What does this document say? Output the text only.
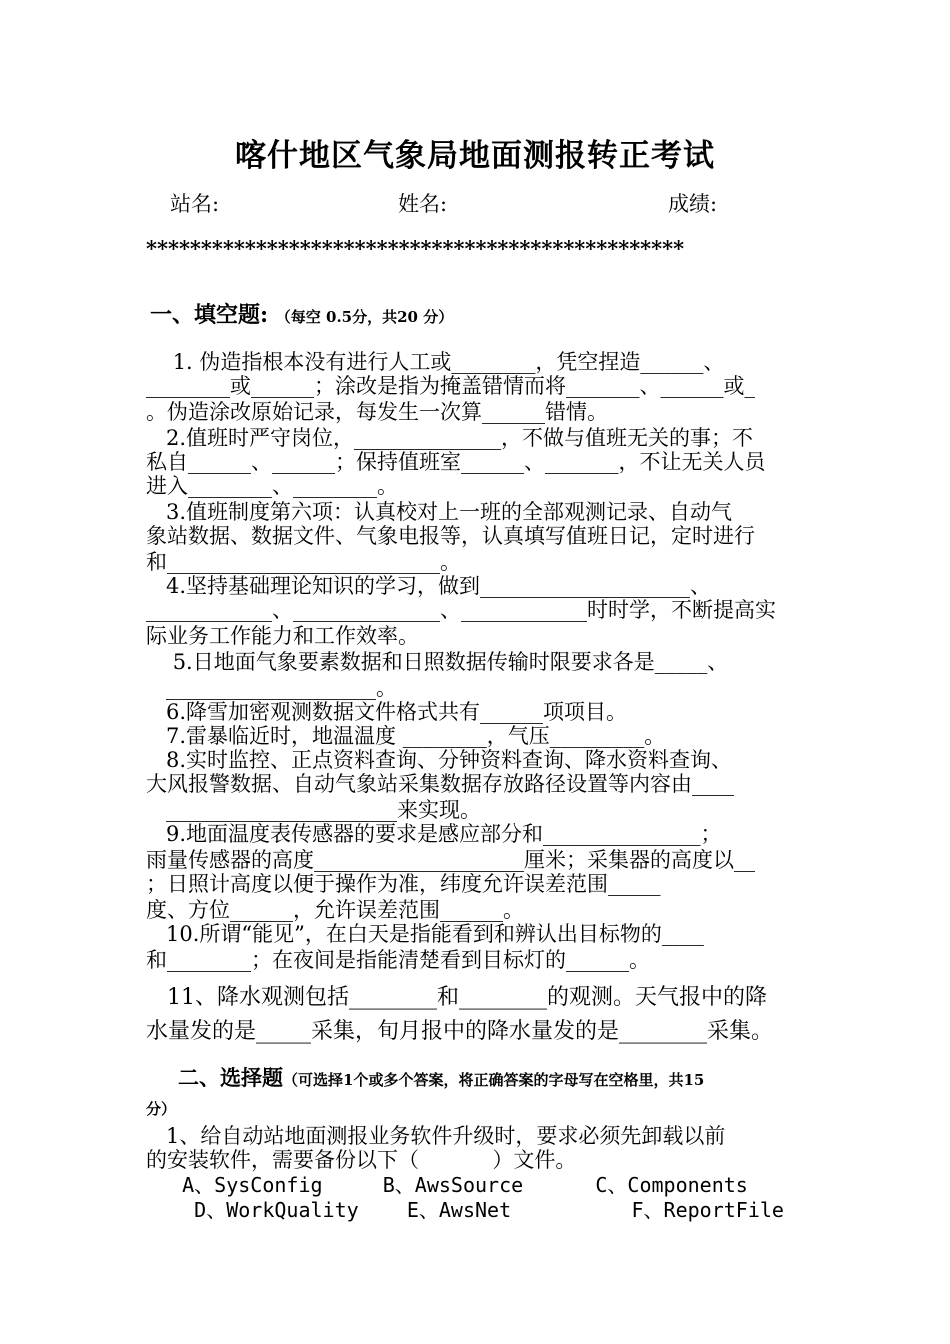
喀什地区气象局地面测报转正考试
站名:	姓名:	成绩:
*************************************************
一、填空题: （每空 0.5分，共20 分）
1. 伪造指根本没有进行人工或________，凭空捏造______、
________或______；涂改是指为掩盖错情而将_______、______或_
。伪造涂改原始记录，每发生一次算______错情。
2.值班时严守岗位，______________，不做与值班无关的事；不
私自______、______；保持值班室______、_______，不让无关人员
进入________、________。
3.值班制度第六项：认真校对上一班的全部观测记录、自动气
象站数据、数据文件、气象电报等，认真填写值班日记，定时进行
和__________________________。
4.坚持基础理论知识的学习，做到____________________、
____________、______________、____________时时学，不断提高实
际业务工作能力和工作效率。
5.日地面气象要素数据和日照数据传输时限要求各是_____、
____________________。
6.降雪加密观测数据文件格式共有______项项目。
7.雷暴临近时，地温温度 ________，气压_________。
8.实时监控、正点资料查询、分钟资料查询、降水资料查询、
大风报警数据、自动气象站采集数据存放路径设置等内容由____
______________________来实现。
9.地面温度表传感器的要求是感应部分和_______________；
雨量传感器的高度____________________厘米；采集器的高度以__
；日照计高度以便于操作为准，纬度允许误差范围_____
度、方位______，允许误差范围______。
10.所谓“能见”，在白天是指能看到和辨认出目标物的____
和________；在夜间是指能清楚看到目标灯的______。
11、降水观测包括________和________的观测。天气报中的降
水量发的是_____采集，旬月报中的降水量发的是________采集。
二、选择题（可选择1个或多个答案，将正确答案的字母写在空格里，共15
分）
1、给自动站地面测报业务软件升级时，要求必须先卸载以前
的安装软件，需要备份以下（           ）文件。
A、SysConfig     B、AwsSource      C、Components
D、WorkQuality    E、AwsNet          F、ReportFile
